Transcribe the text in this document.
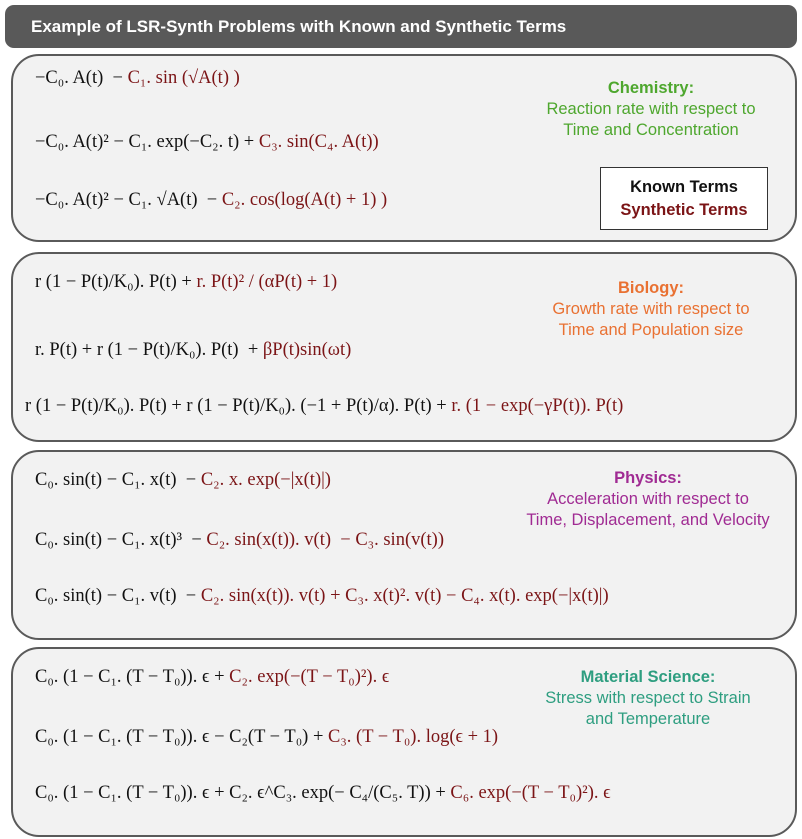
Example of LSR-Synth Problems with Known and Synthetic Terms
−C₀. A(t)  − C₁. sin (√A(t) )
−C₀. A(t)² − C₁. exp(−C₂. t) + C₃. sin(C₄. A(t))
−C₀. A(t)² − C₁. √A(t)  − C₂. cos(log(A(t) + 1) )
Chemistry:
Reaction rate with respect to
Time and Concentration
Known Terms
Synthetic Terms
r (1 − P(t)/K₀). P(t) + r. P(t)² / (αP(t) + 1)
r. P(t) + r (1 − P(t)/K₀). P(t)  + βP(t)sin(ωt)
r (1 − P(t)/K₀). P(t) + r (1 − P(t)/K₀). (−1 + P(t)/α). P(t) + r. (1 − exp(−γP(t)). P(t)
Biology:
Growth rate with respect to
Time and Population size
C₀. sin(t) − C₁. x(t)  − C₂. x. exp(−|x(t)|)
C₀. sin(t) − C₁. x(t)³  − C₂. sin(x(t)). v(t)  − C₃. sin(v(t))
C₀. sin(t) − C₁. v(t)  − C₂. sin(x(t)). v(t) + C₃. x(t)². v(t) − C₄. x(t). exp(−|x(t)|)
Physics:
Acceleration with respect to
Time, Displacement, and Velocity
C₀. (1 − C₁. (T − T₀)). ϵ + C₂. exp(−(T − T₀)²). ϵ
C₀. (1 − C₁. (T − T₀)). ϵ − C₂(T − T₀) + C₃. (T − T₀). log(ϵ + 1)
C₀. (1 − C₁. (T − T₀)). ϵ + C₂. ϵ^C₃. exp(− C₄/(C₅. T)) + C₆. exp(−(T − T₀)²). ϵ
Material Science:
Stress with respect to Strain
and Temperature
